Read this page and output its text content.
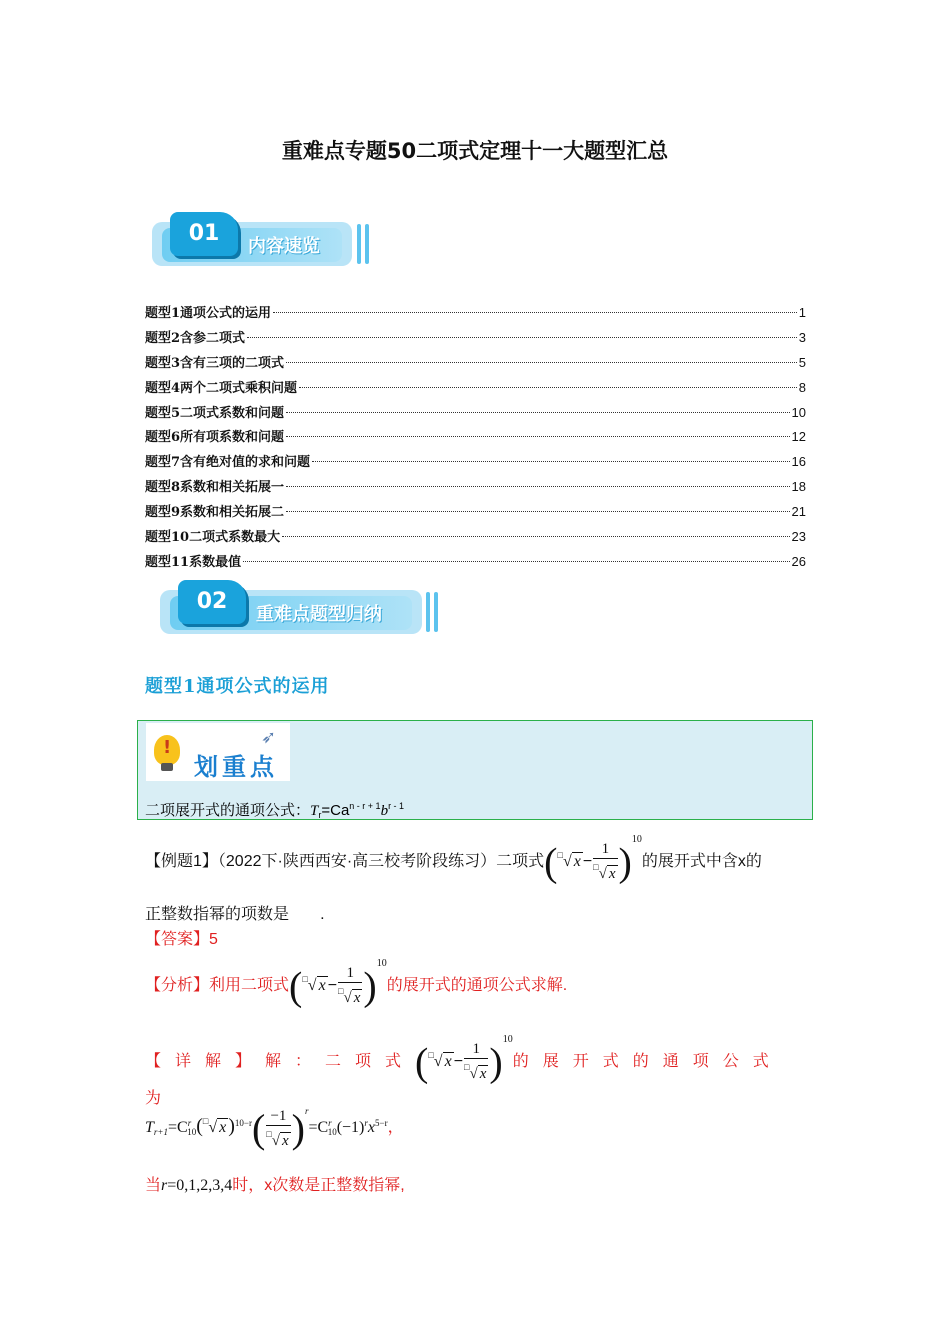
重难点专题50二项式定理十一大题型汇总
01
内容速览
题型1通项公式的运用	1
题型2含参二项式	3
题型3含有三项的二项式	5
题型4两个二项式乘积问题	8
题型5二项式系数和问题	10
题型6所有项系数和问题	12
题型7含有绝对值的求和问题	16
题型8系数和相关拓展一	18
题型9系数和相关拓展二	21
题型10二项式系数最大	23
题型11系数最值	26
02
重难点题型归纳
题型1通项公式的运用
!	➶
划重点
二项展开式的通项公式：$T_r=Ca^{n - r + 1}b^{r - 1}$
【例题1】（2022下·陕西西安·高三校考阶段练习）二项式(□√ $x - \frac{1}{^□√ x} )^{10}$的展开式中含x的
正整数指幂的项数是 .
【答案】5
【分析】利用二项式(□√ $x - \frac{1}{^□√ x} )^{10}$的展开式的通项公式求解.
【详解】解：二项式(□√ $x - \frac{1}{^□√ x} )^{10}$的展开式的通项公式为
$T_{r+1}=C^r_{10}(^□√$ x )$^{10-r}( \frac{-1}{^□√ x} )^r=C^r_{10}(-1)^rx^{5-r}$，
当r=0,1,2,3,4时，x次数是正整数指幂,
